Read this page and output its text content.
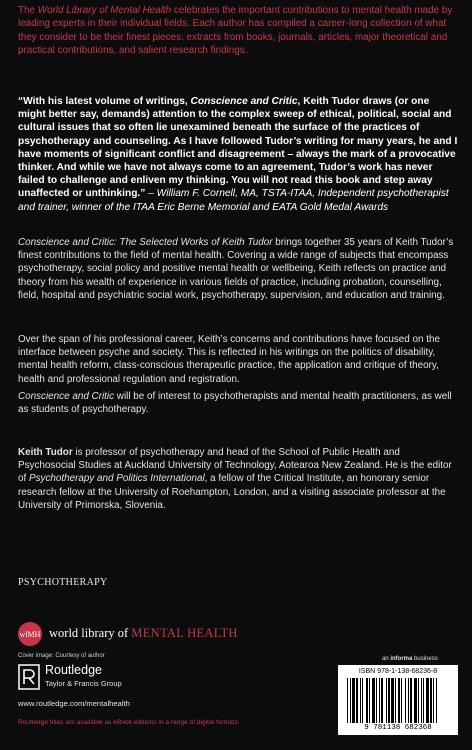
The World Library of Mental Health celebrates the important contributions to mental health made by leading experts in their individual fields. Each author has compiled a career-long collection of what they consider to be their finest pieces: extracts from books, journals, articles, major theoretical and practical contributions, and salient research findings.

“With his latest volume of writings, Conscience and Critic, Keith Tudor draws (or one might better say, demands) attention to the complex sweep of ethical, political, social and cultural issues that so often lie unexamined beneath the surface of the practices of psychotherapy and counseling. As I have followed Tudor’s writing for many years, he and I have moments of significant conflict and disagreement – always the mark of a provocative thinker. And while we have not always come to an agreement, Tudor’s work has never failed to challenge and enliven my thinking. You will not read this book and step away unaffected or unthinking.” – William F. Cornell, MA, TSTA-ITAA, Independent psychotherapist and trainer, winner of the ITAA Eric Berne Memorial and EATA Gold Medal Awards

Conscience and Critic: The Selected Works of Keith Tudor brings together 35 years of Keith Tudor’s finest contributions to the field of mental health. Covering a wide range of subjects that encompass psychotherapy, social policy and positive mental health or wellbeing, Keith reflects on practice and theory from his wealth of experience in various fields of practice, including probation, counselling, field, hospital and psychiatric social work, psychotherapy, supervision, and education and training.

Over the span of his professional career, Keith’s concerns and contributions have focused on the interface between psyche and society. This is reflected in his writings on the politics of disability, mental health reform, class-conscious therapeutic practice, the application and critique of theory, health and professional regulation and registration.

Conscience and Critic will be of interest to psychotherapists and mental health practitioners, as well as students of psychotherapy.

Keith Tudor is professor of psychotherapy and head of the School of Public Health and Psychosocial Studies at Auckland University of Technology, Aotearoa New Zealand. He is the editor of Psychotherapy and Politics International, a fellow of the Critical Institute, an honorary senior research fellow at the University of Roehampton, London, and a visiting associate professor at the University of Primorska, Slovenia.

PSYCHOTHERAPY
wlMH world library of MENTAL HEALTH
Cover image: Courtesy of author
Routledge
Taylor & Francis Group
www.routledge.com/mentalhealth
Routledge titles are available as eBook editions in a range of digital formats
an informa business
ISBN 978-1-138-68236-8
9 781138 682368
